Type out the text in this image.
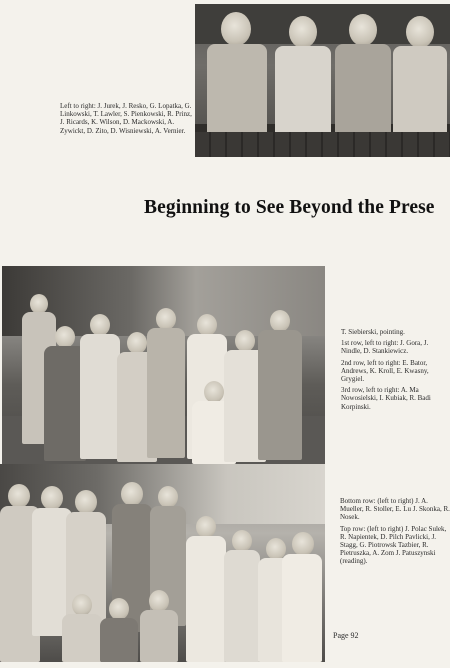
Left to right: J. Jurek, J. Resko, G. Lopatka, G. Linkowski, T. Lawler, S. Pienkowski, R. Prinz, J. Ricards, K. Wilson, D. Mackowski, A. Zywickt, D. Zito, D. Wisniewski, A. Vernier.
Beginning to See Beyond the Prese

T. Siebierski, pointing.

1st row, left to right: J. Gora, J. Nindle, D. Stankiewicz.

2nd row, left to right: E. Bator, Andrews, K. Kroll, E. Kwasny, Grygiel.

3rd row, left to right: A. Ma Nowosielski, I. Kubiak, R. Badi Korpinski.

Bottom row: (left to right) J. A. Mueller, R. Stoller, E. Lu J. Skonka, R. Nosek.

Top row: (left to right) J. Polac Sulek, R. Napientek, D. Pilch Pavlicki, J. Stagg, G. Piotrowsk Tazbier, R. Pietruszka, A. Zom J. Patuszynski (reading).

Page 92
